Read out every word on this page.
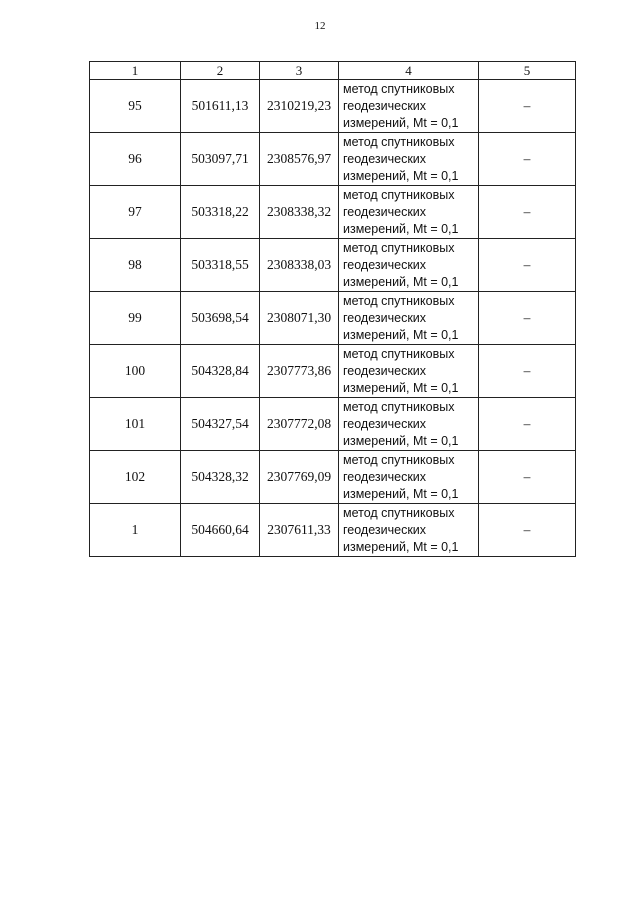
12
1	2	3	4	5
95	501611,13	2310219,23	метод спутниковых
геодезических
измерений, Mt = 0,1	–
96	503097,71	2308576,97	метод спутниковых
геодезических
измерений, Mt = 0,1	–
97	503318,22	2308338,32	метод спутниковых
геодезических
измерений, Mt = 0,1	–
98	503318,55	2308338,03	метод спутниковых
геодезических
измерений, Mt = 0,1	–
99	503698,54	2308071,30	метод спутниковых
геодезических
измерений, Mt = 0,1	–
100	504328,84	2307773,86	метод спутниковых
геодезических
измерений, Mt = 0,1	–
101	504327,54	2307772,08	метод спутниковых
геодезических
измерений, Mt = 0,1	–
102	504328,32	2307769,09	метод спутниковых
геодезических
измерений, Mt = 0,1	–
1	504660,64	2307611,33	метод спутниковых
геодезических
измерений, Mt = 0,1	–
